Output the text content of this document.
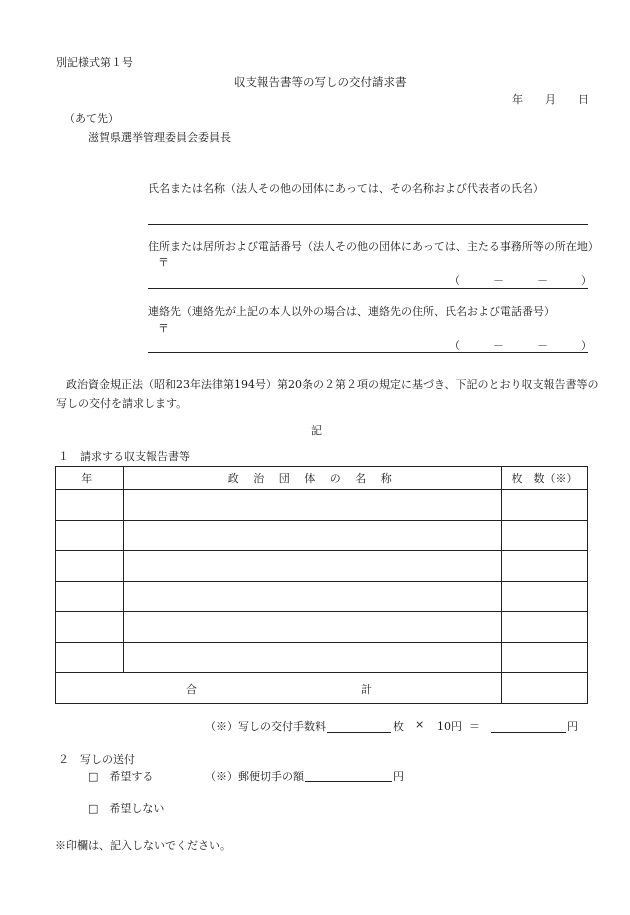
別記様式第１号
収支報告書等の写しの交付請求書
年 月 日
（あて先）
滋賀県選挙管理委員会委員長
氏名または名称（法人その他の団体にあっては、その名称および代表者の氏名）
住所または居所および電話番号（法人その他の団体にあっては、主たる事務所等の所在地）
〒
（　　　－　　　－　　　）
連絡先（連絡先が上記の本人以外の場合は、連絡先の住所、氏名および電話番号）
〒
（　　　－　　　－　　　）
政治資金規正法（昭和23年法律第194号）第20条の２第２項の規定に基づき、下記のとおり収支報告書等の
写しの交付を請求します。
記
１　請求する収支報告書等
年	政 治 団 体 の 名 称	枚　数（※）

合 計		

（※）写しの交付手数料	枚 × 10円 ＝	円
２　写しの送付
□　希望する	（※）郵便切手の額	円
□　希望しない
※印欄は、記入しないでください。
